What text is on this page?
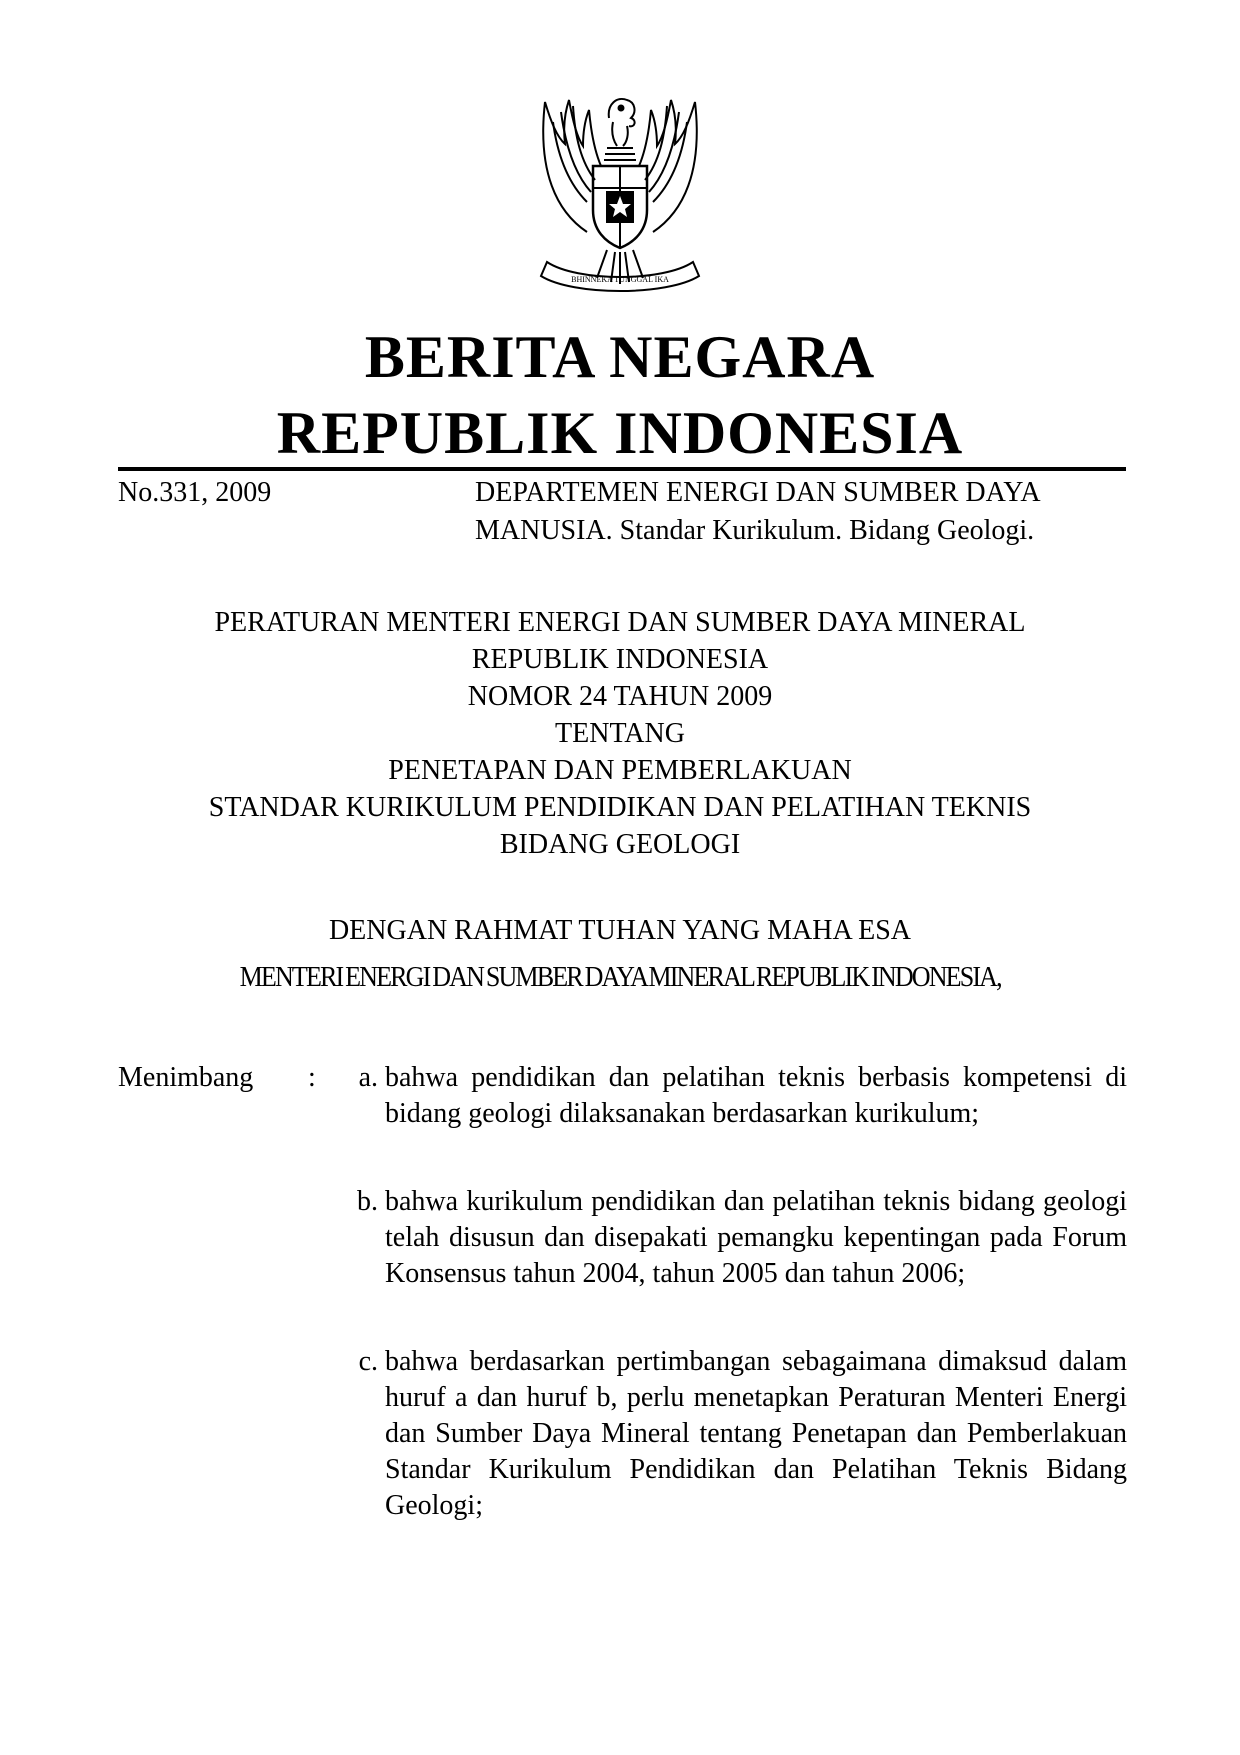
BHINNEKA TUNGGAL IKA
BERITA NEGARA
REPUBLIK INDONESIA
No.331, 2009	DEPARTEMEN ENERGI DAN SUMBER DAYA
MANUSIA. Standar Kurikulum. Bidang Geologi.

PERATURAN MENTERI ENERGI DAN SUMBER DAYA MINERAL

REPUBLIK INDONESIA

NOMOR 24 TAHUN 2009

TENTANG

PENETAPAN DAN PEMBERLAKUAN

STANDAR KURIKULUM PENDIDIKAN DAN PELATIHAN TEKNIS

BIDANG GEOLOGI

DENGAN RAHMAT TUHAN YANG MAHA ESA

MENTERI ENERGI DAN SUMBER DAYA MINERAL REPUBLIK INDONESIA,

Menimbang :	a. bahwa pendidikan dan pelatihan teknis berbasis kompetensi di bidang geologi dilaksanakan berdasarkan kurikulum;
b. bahwa kurikulum pendidikan dan pelatihan teknis bidang geologi telah disusun dan disepakati pemangku kepentingan pada Forum Konsensus tahun 2004, tahun 2005 dan tahun 2006;
c. bahwa berdasarkan pertimbangan sebagaimana dimaksud dalam huruf a dan huruf b, perlu menetapkan Peraturan Menteri Energi dan Sumber Daya Mineral tentang Penetapan dan Pemberlakuan Standar Kurikulum Pendidikan dan Pelatihan Teknis Bidang Geologi;
